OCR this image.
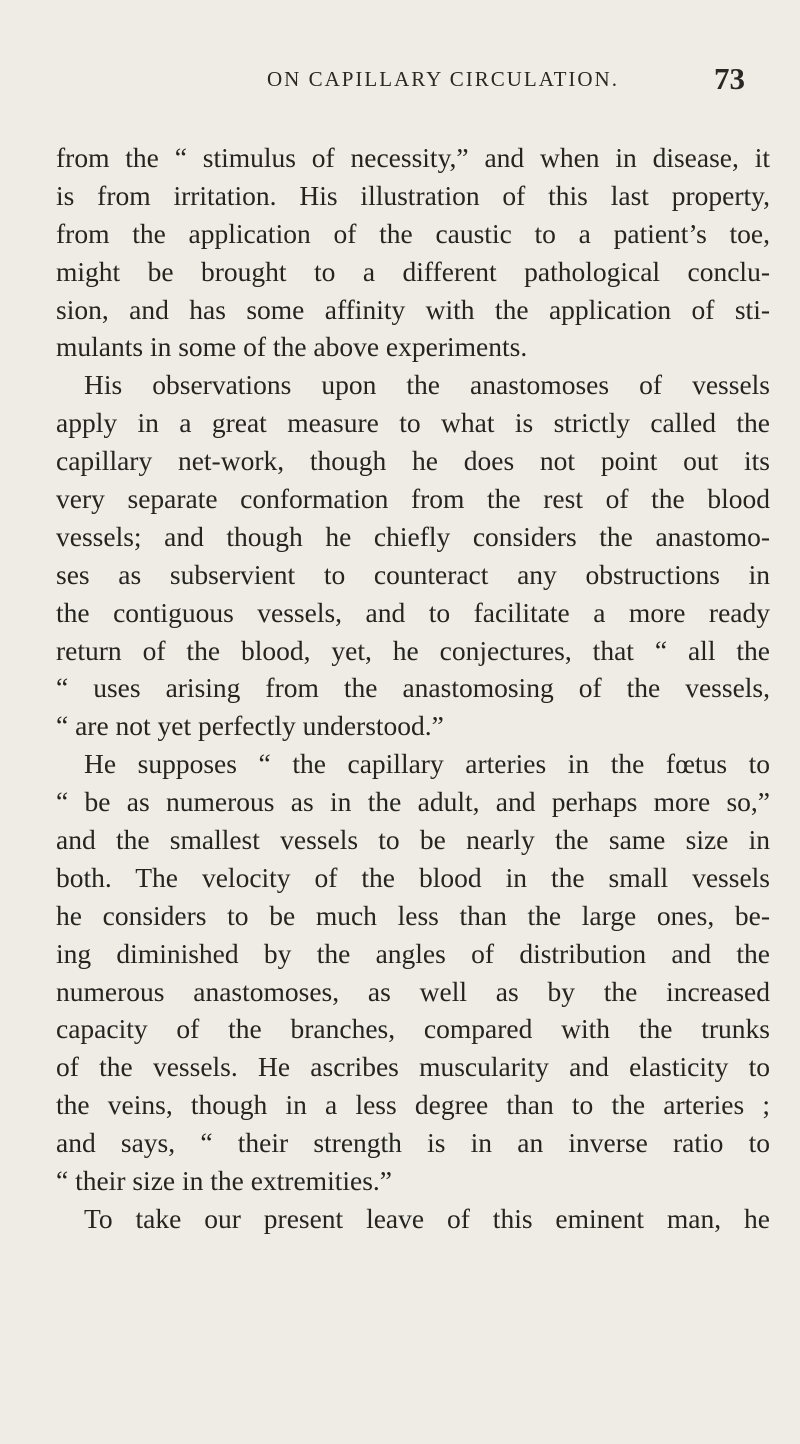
ON CAPILLARY CIRCULATION.	73
from the “ stimulus of necessity,” and when in disease, it
is from irritation. His illustration of this last property,
from the application of the caustic to a patient’s toe,
might be brought to a different pathological conclu-
sion, and has some affinity with the application of sti-
mulants in some of the above experiments.
His observations upon the anastomoses of vessels
apply in a great measure to what is strictly called the
capillary net-work, though he does not point out its
very separate conformation from the rest of the blood
vessels; and though he chiefly considers the anastomo-
ses as subservient to counteract any obstructions in
the contiguous vessels, and to facilitate a more ready
return of the blood, yet, he conjectures, that “ all the
“ uses arising from the anastomosing of the vessels,
“ are not yet perfectly understood.”
He supposes “ the capillary arteries in the fœtus to
“ be as numerous as in the adult, and perhaps more so,”
and the smallest vessels to be nearly the same size in
both. The velocity of the blood in the small vessels
he considers to be much less than the large ones, be-
ing diminished by the angles of distribution and the
numerous anastomoses, as well as by the increased
capacity of the branches, compared with the trunks
of the vessels. He ascribes muscularity and elasticity to
the veins, though in a less degree than to the arteries ;
and says, “ their strength is in an inverse ratio to
“ their size in the extremities.”
To take our present leave of this eminent man, he
